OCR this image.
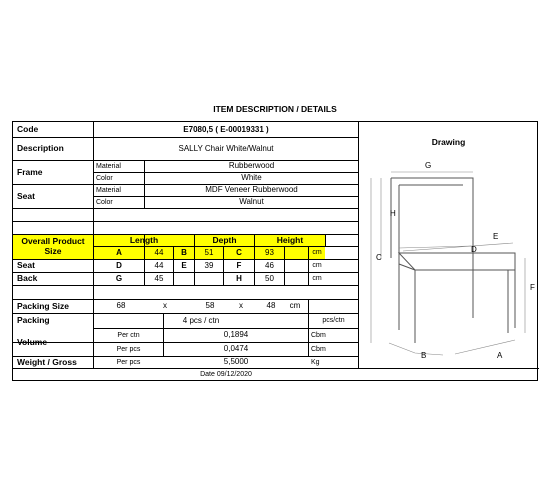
ITEM DESCRIPTION / DETAILS
Code	E7080,5 ( E-00019331 )
Description	SALLY Chair White/Walnut
Frame
Material	Rubberwood
Color	White
Seat
Material	MDF Veneer Rubberwood
Color	Walnut
Overall Product Size
Length	Depth	Height
A	44	B	51	C	93	cm
Seat	D	44	E	39	F	46	cm
Back	G	45	H	50	cm
Packing Size	68	x	58	x	48	cm
Packing	4 pcs / ctn	pcs/ctn
Volume
Per ctn	0,1894	Cbm
Per pcs	0,0474	Cbm
Weight / Gross	Per pcs	5,5000	Kg
Date 09/12/2020
Drawing
G
H
C
E
D
F
B	A
